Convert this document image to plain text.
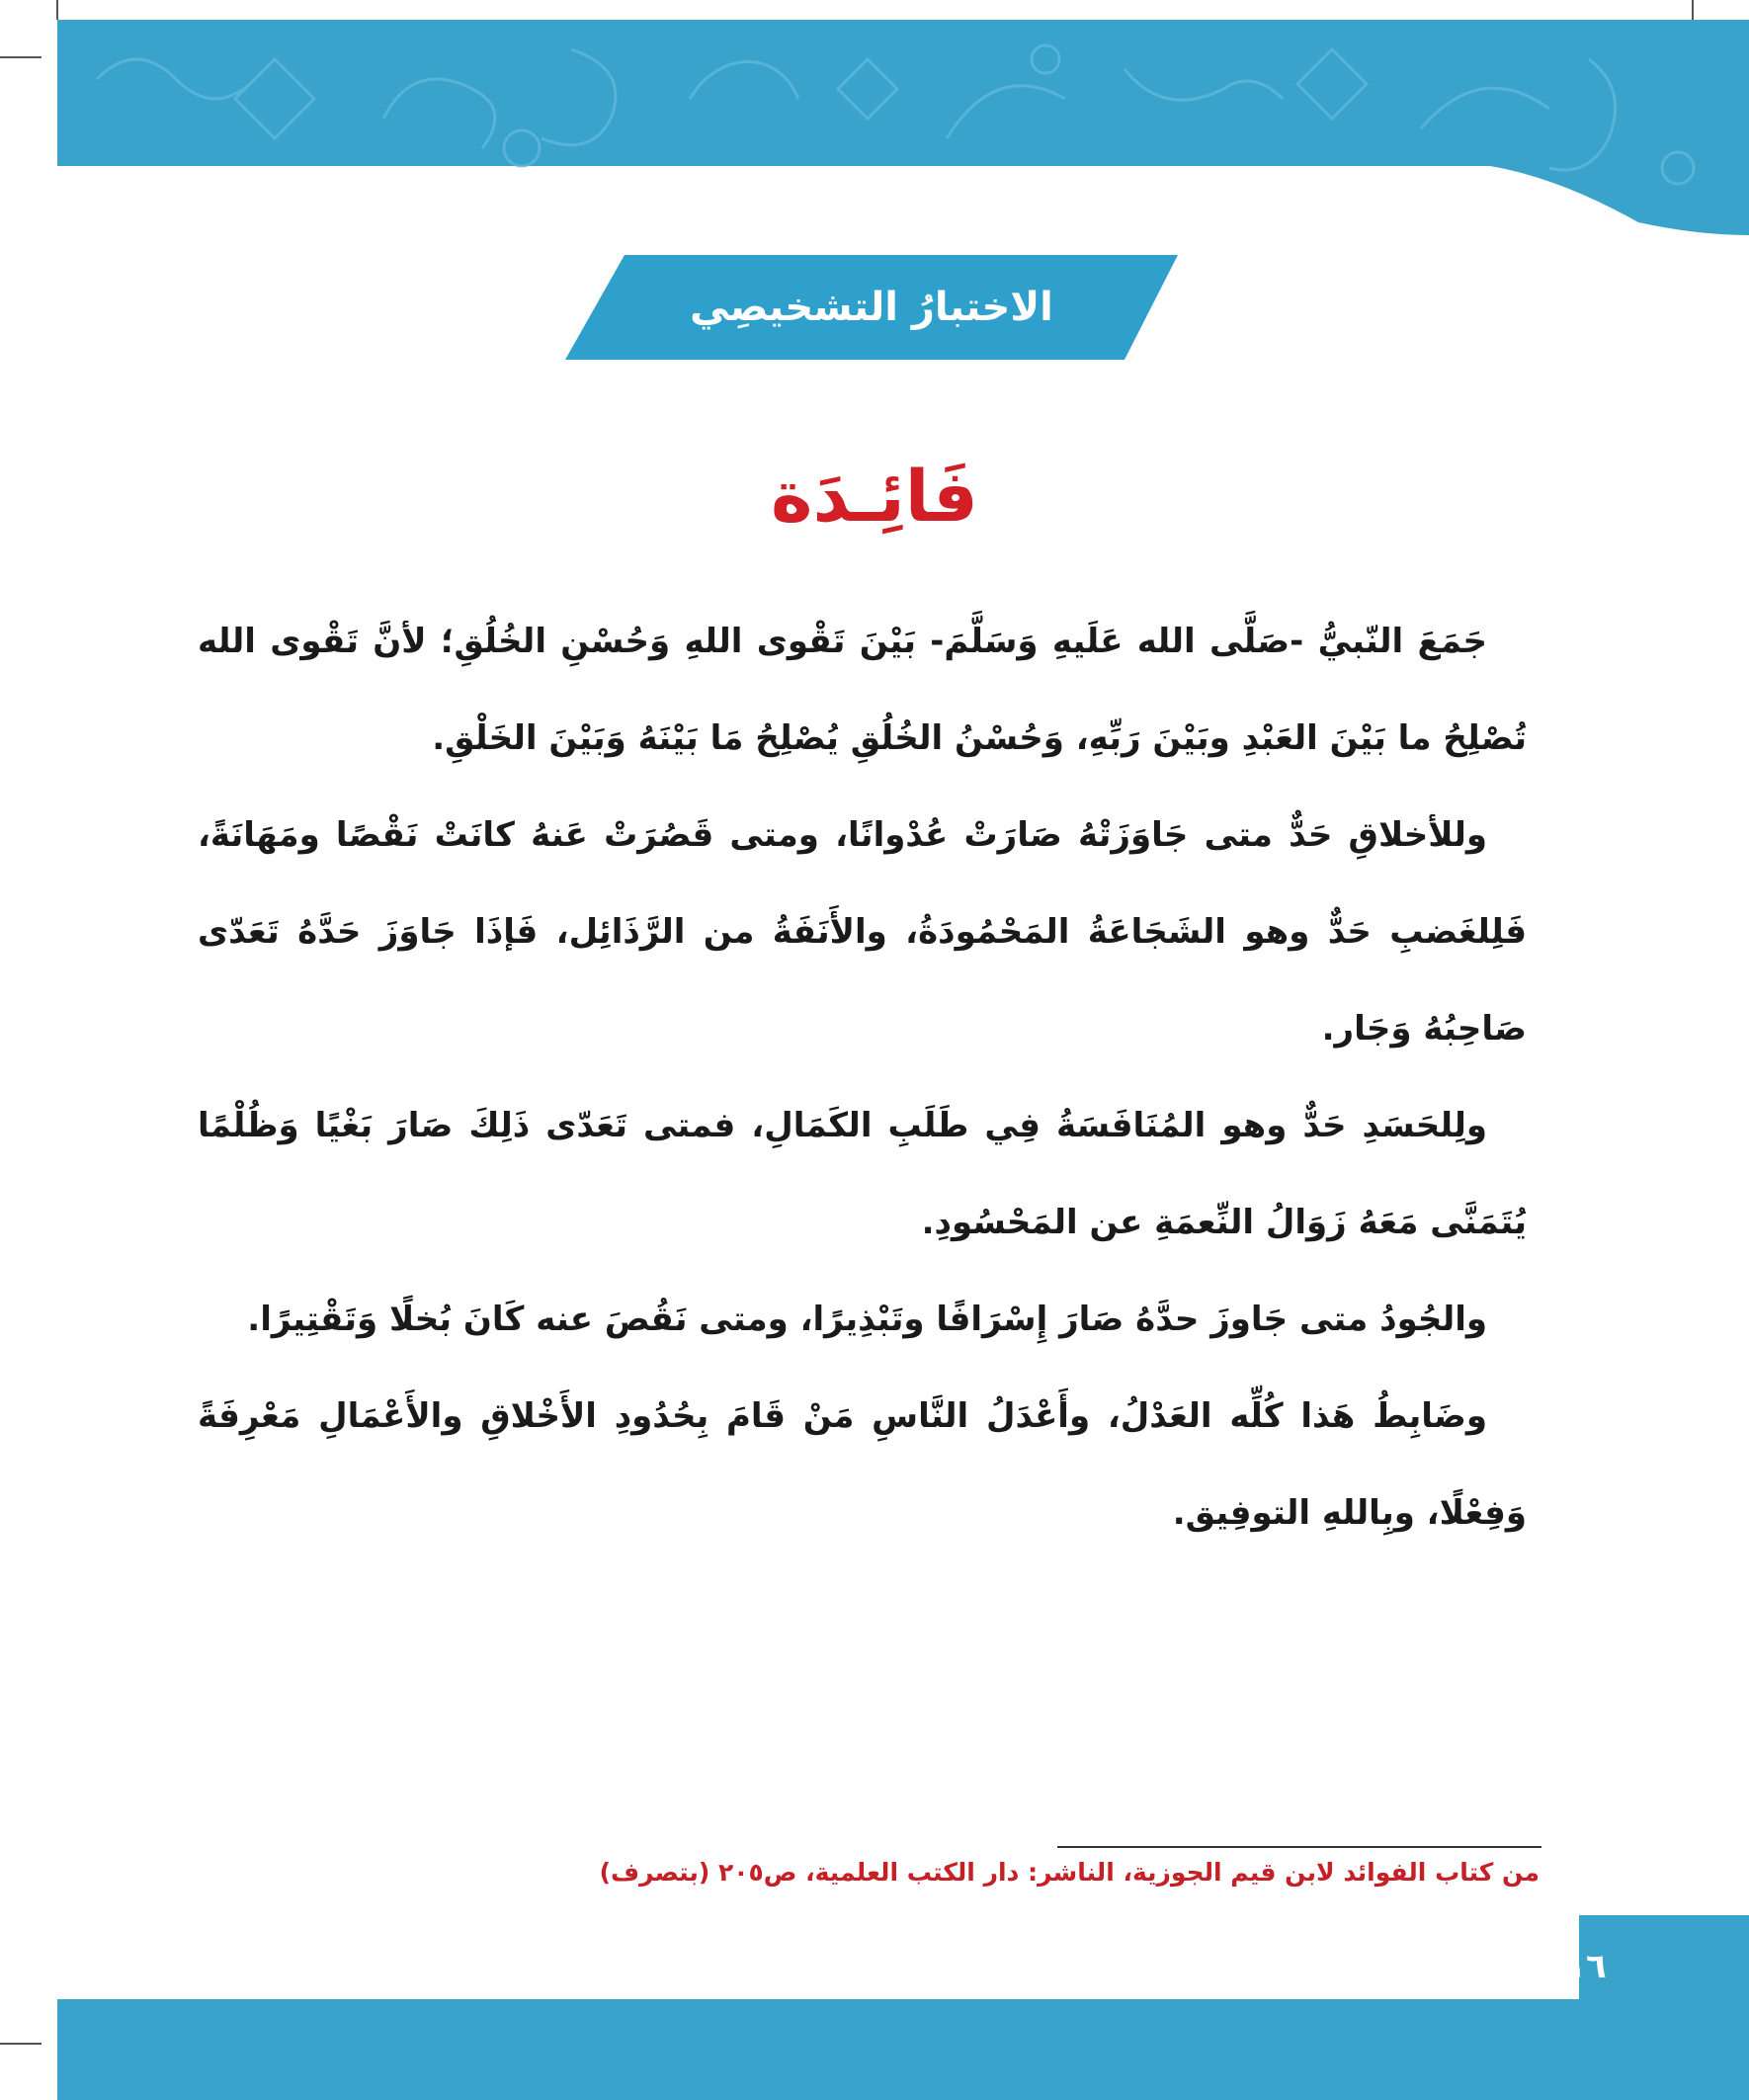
الاختبارُ التشخيصِي
فَائِـدَة

جَمَعَ النّبيُّ -صَلَّى الله عَلَيهِ وَسَلَّمَ- بَيْنَ تَقْوى اللهِ وَحُسْنِ الخُلُقِ؛ لأنَّ تَقْوى الله تُصْلِحُ ما بَيْنَ العَبْدِ وبَيْنَ رَبِّهِ، وَحُسْنُ الخُلُقِ يُصْلِحُ مَا بَيْنَهُ وَبَيْنَ الخَلْقِ.

وللأخلاقِ حَدٌّ متى جَاوَزَتْهُ صَارَتْ عُدْوانًا، ومتى قَصُرَتْ عَنهُ كانَتْ نَقْصًا ومَهَانَةً، فَلِلغَضبِ حَدٌّ وهو الشَجَاعَةُ المَحْمُودَةُ، والأَنَفَةُ من الرَّذَائِل، فَإذَا جَاوَزَ حَدَّهُ تَعَدّى صَاحِبُهُ وَجَار.

ولِلحَسَدِ حَدٌّ وهو المُنَافَسَةُ فِي طَلَبِ الكَمَالِ، فمتى تَعَدّى ذَلِكَ صَارَ بَغْيًا وَظُلْمًا يُتَمَنَّى مَعَهُ زَوَالُ النِّعمَةِ عن المَحْسُودِ.

والجُودُ متى جَاوزَ حدَّهُ صَارَ إِسْرَافًا وتَبْذِيرًا، ومتى نَقُصَ عنه كَانَ بُخلًا وَتَقْتِيرًا.

وضَابِطُ هَذا كُلِّه العَدْلُ، وأَعْدَلُ النَّاسِ مَنْ قَامَ بِحُدُودِ الأَخْلاقِ والأَعْمَالِ مَعْرِفَةً وَفِعْلًا، وبِاللهِ التوفِيق.

من كتاب الفوائد لابن قيم الجوزية، الناشر: دار الكتب العلمية، ص٢٠٥ (بتصرف)
١٦
